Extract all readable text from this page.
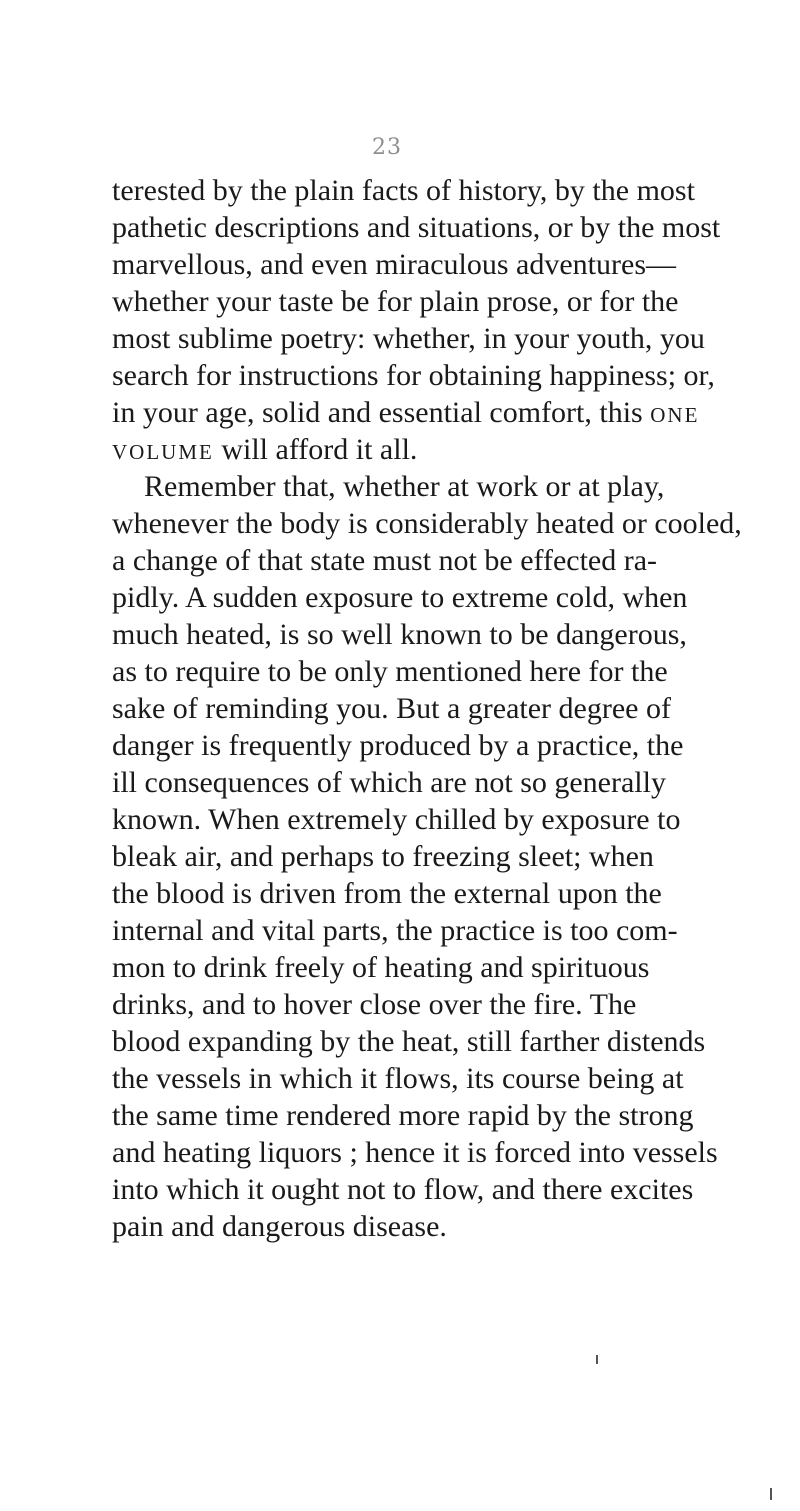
23
terested by the plain facts of history, by the most
pathetic descriptions and situations, or by the most
marvellous, and even miraculous adventures—
whether your taste be for plain prose, or for the
most sublime poetry: whether, in your youth, you
search for instructions for obtaining happiness; or,
in your age, solid and essential comfort, this one
volume will afford it all.
Remember that, whether at work or at play,
whenever the body is considerably heated or cooled,
a change of that state must not be effected ra-
pidly. A sudden exposure to extreme cold, when
much heated, is so well known to be dangerous,
as to require to be only mentioned here for the
sake of reminding you. But a greater degree of
danger is frequently produced by a practice, the
ill consequences of which are not so generally
known. When extremely chilled by exposure to
bleak air, and perhaps to freezing sleet; when
the blood is driven from the external upon the
internal and vital parts, the practice is too com-
mon to drink freely of heating and spirituous
drinks, and to hover close over the fire. The
blood expanding by the heat, still farther distends
the vessels in which it flows, its course being at
the same time rendered more rapid by the strong
and heating liquors ; hence it is forced into vessels
into which it ought not to flow, and there excites
pain and dangerous disease.
